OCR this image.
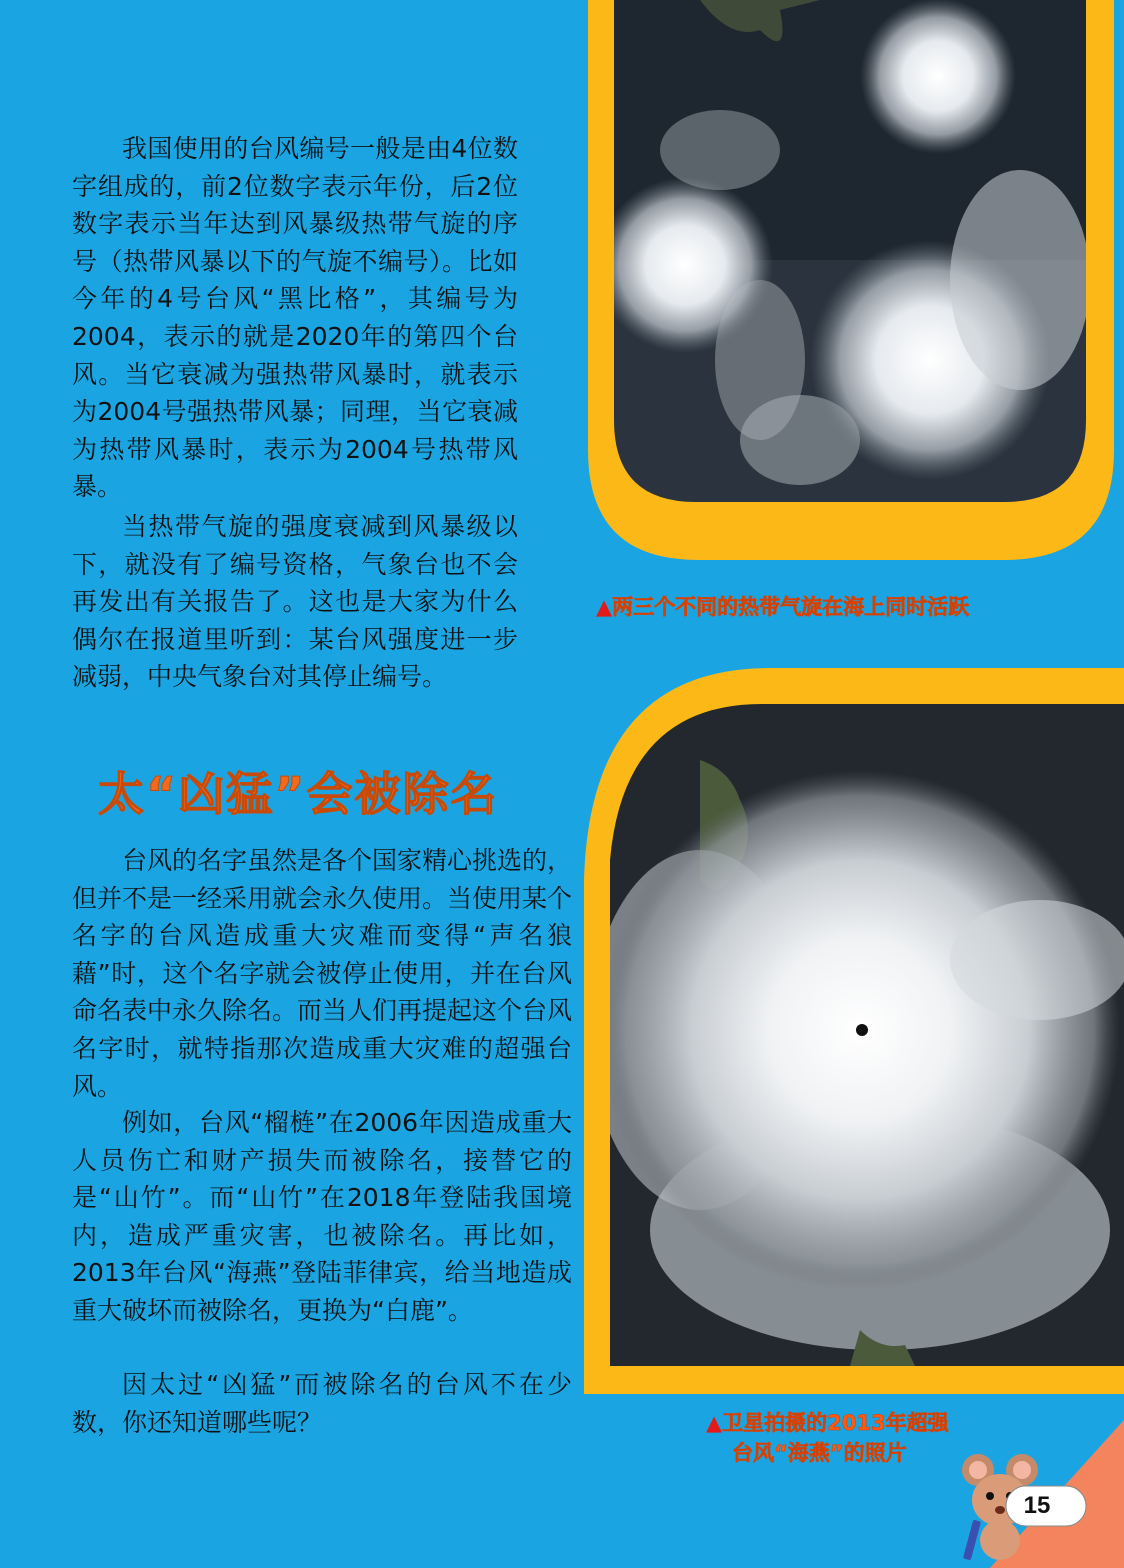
我国使用的台风编号一般是由4位数字组成的，前2位数字表示年份，后2位数字表示当年达到风暴级热带气旋的序号（热带风暴以下的气旋不编号）。比如今年的4号台风“黑比格”，其编号为2004，表示的就是2020年的第四个台风。当它衰减为强热带风暴时，就表示为2004号强热带风暴；同理，当它衰减为热带风暴时，表示为2004号热带风暴。

当热带气旋的强度衰减到风暴级以下，就没有了编号资格，气象台也不会再发出有关报告了。这也是大家为什么偶尔在报道里听到：某台风强度进一步减弱，中央气象台对其停止编号。

太“凶猛”会被除名

台风的名字虽然是各个国家精心挑选的，但并不是一经采用就会永久使用。当使用某个名字的台风造成重大灾难而变得“声名狼藉”时，这个名字就会被停止使用，并在台风命名表中永久除名。而当人们再提起这个台风名字时，就特指那次造成重大灾难的超强台风。

例如，台风“榴梿”在2006年因造成重大人员伤亡和财产损失而被除名，接替它的是“山竹”。而“山竹”在2018年登陆我国境内，造成严重灾害，也被除名。再比如，2013年台风“海燕”登陆菲律宾，给当地造成重大破坏而被除名，更换为“白鹿”。

因太过“凶猛”而被除名的台风不在少数，你还知道哪些呢？

▲两三个不同的热带气旋在海上同时活跃
▲卫星拍摄的2013年超强
台风“海燕”的照片
15
